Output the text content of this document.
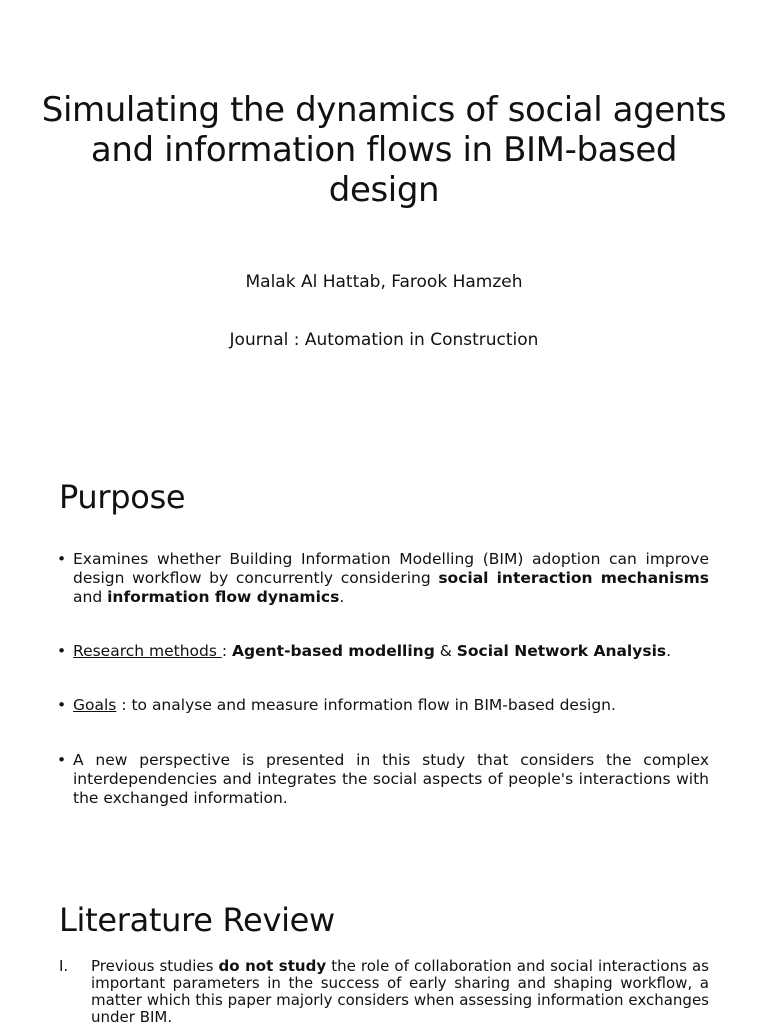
Simulating the dynamics of social agents and information flows in BIM-based design
Malak Al Hattab, Farook Hamzeh
Journal : Automation in Construction
Purpose
• Examines whether Building Information Modelling (BIM) adoption can improve design workflow by concurrently considering social interaction mechanisms and information flow dynamics.
• Research methods : Agent-based modelling & Social Network Analysis.
• Goals : to analyse and measure information flow in BIM-based design.
• A new perspective is presented in this study that considers the complex interdependencies and integrates the social aspects of people's interactions with the exchanged information.
Literature Review
I. Previous studies do not study the role of collaboration and social interactions as important parameters in the success of early sharing and shaping workflow, a matter which this paper majorly considers when assessing information exchanges under BIM.
